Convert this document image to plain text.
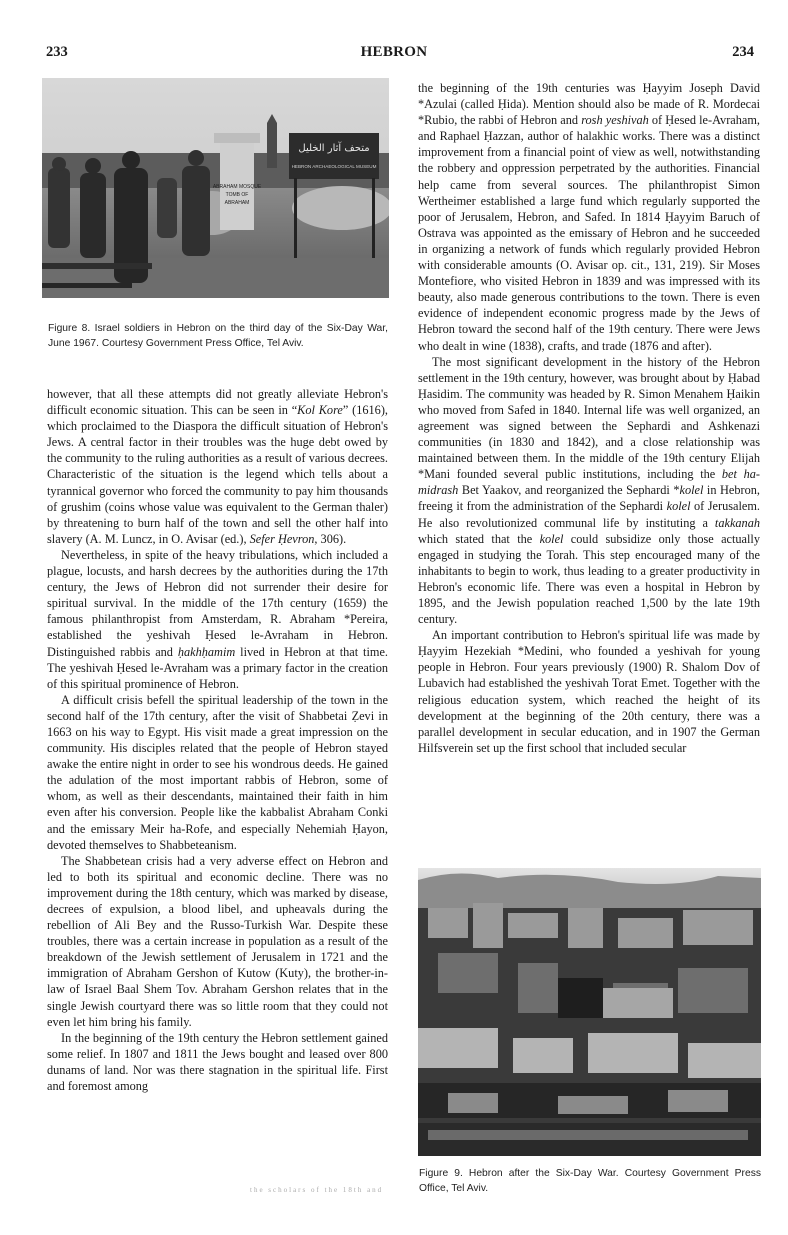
233	HEBRON	234
ABRAHAM MOSQUE
TOMB OF
ABRAHAM
متحف آثار الخليل
HEBRON ARCHAEOLOGICAL MUSEUM
Figure 8. Israel soldiers in Hebron on the third day of the Six-Day War, June 1967. Courtesy Government Press Office, Tel Aviv.

however, that all these attempts did not greatly alleviate Hebron's difficult economic situation. This can be seen in “Kol Kore” (1616), which proclaimed to the Diaspora the difficult situation of Hebron's Jews. A central factor in their troubles was the huge debt owed by the community to the ruling authorities as a result of various decrees. Characteristic of the situation is the legend which tells about a tyrannical governor who forced the community to pay him thousands of grushim (coins whose value was equivalent to the German thaler) by threatening to burn half of the town and sell the other half into slavery (A. M. Luncz, in O. Avisar (ed.), Sefer Ḥevron, 306).

Nevertheless, in spite of the heavy tribulations, which included a plague, locusts, and harsh decrees by the authorities during the 17th century, the Jews of Hebron did not surrender their desire for spiritual survival. In the middle of the 17th century (1659) the famous philanthropist from Amsterdam, R. Abraham *Pereira, established the yeshivah Ḥesed le-Avraham in Hebron. Distinguished rabbis and ḥakhḥamim lived in Hebron at that time. The yeshivah Ḥesed le-Avraham was a primary factor in the creation of this spiritual prominence of Hebron.

A difficult crisis befell the spiritual leadership of the town in the second half of the 17th century, after the visit of Shabbetai Ẓevi in 1663 on his way to Egypt. His visit made a great impression on the community. His disciples related that the people of Hebron stayed awake the entire night in order to see his wondrous deeds. He gained the adulation of the most important rabbis of Hebron, some of whom, as well as their descendants, maintained their faith in him even after his conversion. People like the kabbalist Abraham Conki and the emissary Meir ha-Rofe, and especially Nehemiah Ḥayon, devoted themselves to Shabbeteanism.

The Shabbetean crisis had a very adverse effect on Hebron and led to both its spiritual and economic decline. There was no improvement during the 18th century, which was marked by disease, decrees of expulsion, a blood libel, and upheavals during the rebellion of Ali Bey and the Russo-Turkish War. Despite these troubles, there was a certain increase in population as a result of the breakdown of the Jewish settlement of Jerusalem in 1721 and the immigration of Abraham Gershon of Kutow (Kuty), the brother-in-law of Israel Baal Shem Tov. Abraham Gershon relates that in the single Jewish courtyard there was so little room that they could not even let him bring his family.

In the beginning of the 19th century the Hebron settlement gained some relief. In 1807 and 1811 the Jews bought and leased over 800 dunams of land. Nor was there stagnation in the spiritual life. First and foremost among

the scholars of the 18th and

the beginning of the 19th centuries was Ḥayyim Joseph David *Azulai (called Ḥida). Mention should also be made of R. Mordecai *Rubio, the rabbi of Hebron and rosh yeshivah of Ḥesed le-Avraham, and Raphael Ḥazzan, author of halakhic works. There was a distinct improvement from a financial point of view as well, notwithstanding the robbery and oppression perpetrated by the authorities. Financial help came from several sources. The philanthropist Simon Wertheimer established a large fund which regularly supported the poor of Jerusalem, Hebron, and Safed. In 1814 Ḥayyim Baruch of Ostrava was appointed as the emissary of Hebron and he succeeded in organizing a network of funds which regularly provided Hebron with considerable amounts (O. Avisar op. cit., 131, 219). Sir Moses Montefiore, who visited Hebron in 1839 and was impressed with its beauty, also made generous contributions to the town. There is even evidence of independent economic progress made by the Jews of Hebron toward the second half of the 19th century. There were Jews who dealt in wine (1838), crafts, and trade (1876 and after).

The most significant development in the history of the Hebron settlement in the 19th century, however, was brought about by Ḥabad Ḥasidim. The community was headed by R. Simon Menahem Ḥaikin who moved from Safed in 1840. Internal life was well organized, an agreement was signed between the Sephardi and Ashkenazi communities (in 1830 and 1842), and a close relationship was maintained between them. In the middle of the 19th century Elijah *Mani founded several public institutions, including the bet ha-midrash Bet Yaakov, and reorganized the Sephardi *kolel in Hebron, freeing it from the administration of the Sephardi kolel of Jerusalem. He also revolutionized communal life by instituting a takkanah which stated that the kolel could subsidize only those actually engaged in studying the Torah. This step encouraged many of the inhabitants to begin to work, thus leading to a greater productivity in Hebron's economic life. There was even a hospital in Hebron by 1895, and the Jewish population reached 1,500 by the late 19th century.

An important contribution to Hebron's spiritual life was made by Ḥayyim Hezekiah *Medini, who founded a yeshivah for young people in Hebron. Four years previously (1900) R. Shalom Dov of Lubavich had established the yeshivah Torat Emet. Together with the religious education system, which reached the height of its development at the beginning of the 20th century, there was a parallel development in secular education, and in 1907 the German Hilfsverein set up the first school that included secular

Figure 9. Hebron after the Six-Day War. Courtesy Government Press Office, Tel Aviv.
